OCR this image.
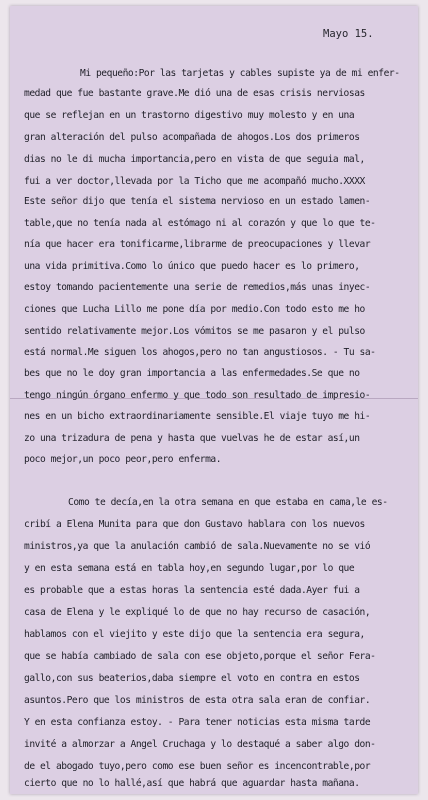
Mayo 15.

Mi pequeño:Por las tarjetas y cables supiste ya de mi enfer-

medad que fue bastante grave.Me dió una de esas crisis nerviosas

que se reflejan en un trastorno digestivo muy molesto y en una

gran alteración del pulso acompañada de ahogos.Los dos primeros

dias no le di mucha importancia,pero en vista de que seguia mal,

fui a ver doctor,llevada por la Ticho que me acompañó mucho.XXXX

Este señor dijo que tenía el sistema nervioso en un estado lamen-

table,que no tenía nada al estómago ni al corazón y que lo que te-

nía que hacer era tonificarme,librarme de preocupaciones y llevar

una vida primitiva.Como lo único que puedo hacer es lo primero,

estoy tomando pacientemente una serie de remedios,más unas inyec-

ciones que Lucha Lillo me pone día por medio.Con todo esto me ho

sentido relativamente mejor.Los vómitos se me pasaron y el pulso

está normal.Me siguen los ahogos,pero no tan angustiosos. - Tu sa-

bes que no le doy gran importancia a las enfermedades.Se que no

tengo ningún órgano enfermo y que todo son resultado de impresio-

nes en un bicho extraordinariamente sensible.El viaje tuyo me hi-

zo una trizadura de pena y hasta que vuelvas he de estar así,un

poco mejor,un poco peor,pero enferma.

Como te decía,en la otra semana en que estaba en cama,le es-

cribí a Elena Munita para que don Gustavo hablara con los nuevos

ministros,ya que la anulación cambió de sala.Nuevamente no se vió

y en esta semana está en tabla hoy,en segundo lugar,por lo que

es probable que a estas horas la sentencia esté dada.Ayer fui a

casa de Elena y le expliqué lo de que no hay recurso de casación,

hablamos con el viejito y este dijo que la sentencia era segura,

que se había cambiado de sala con ese objeto,porque el señor Fera-

gallo,con sus beaterios,daba siempre el voto en contra en estos

asuntos.Pero que los ministros de esta otra sala eran de confiar.

Y en esta confianza estoy. - Para tener noticias esta misma tarde

invité a almorzar a Angel Cruchaga y lo destaqué a saber algo don-

de el abogado tuyo,pero como ese buen señor es incencontrable,por

cierto que no lo hallé,así que habrá que aguardar hasta mañana.
